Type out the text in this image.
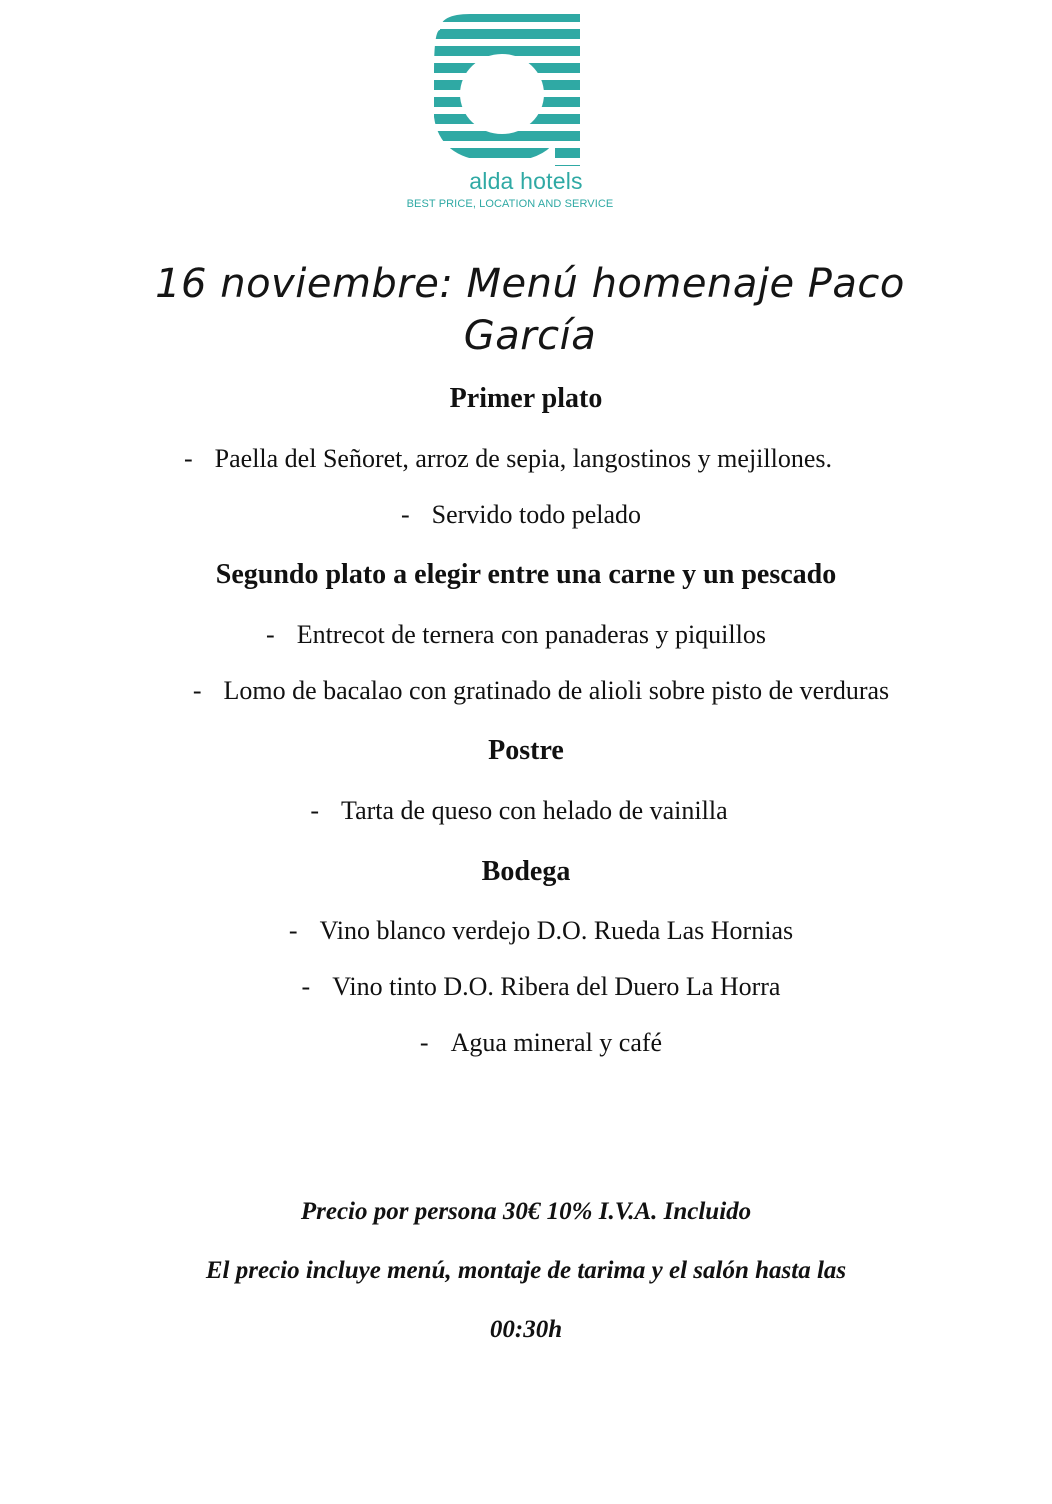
alda hotels
BEST PRICE, LOCATION AND SERVICE
16 noviembre: Menú homenaje Paco García
Primer plato
- Paella del Señoret, arroz de sepia, langostinos y mejillones.
- Servido todo pelado
Segundo plato a elegir entre una carne y un pescado
- Entrecot de ternera con panaderas y piquillos
- Lomo de bacalao con gratinado de alioli sobre pisto de verduras
Postre
- Tarta de queso con helado de vainilla
Bodega
- Vino blanco verdejo D.O. Rueda Las Hornias
- Vino tinto D.O. Ribera del Duero La Horra
- Agua mineral y café
Precio por persona 30€ 10% I.V.A. Incluido
El precio incluye menú, montaje de tarima y el salón hasta las
00:30h
